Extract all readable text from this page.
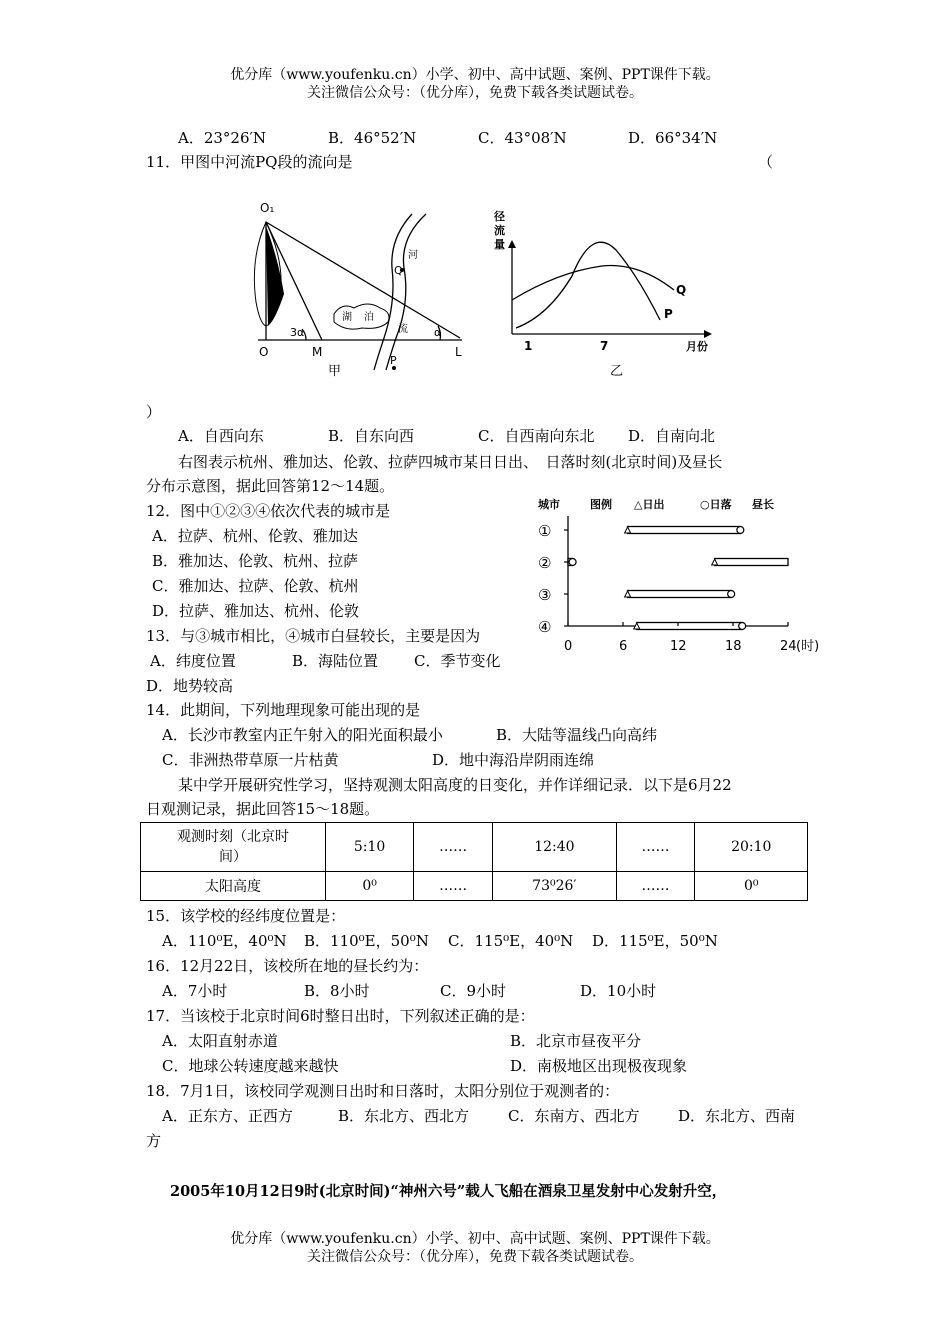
优分库（www.youfenku.cn）小学、初中、高中试题、案例、PPT课件下载。
关注微信公众号：（优分库），免费下载各类试题试卷。
A．23°26′N	B．46°52′N	C．43°08′N	D．66°34′N
11．甲图中河流PQ段的流向是	（
O₁
O	M	L
P
Q
3α	α
湖 泊
河
流
甲
径
流
量
1	7	月份
Q
P
乙
）
A．自西向东	B．自东向西	C．自西南向东北 D．自南向北
右图表示杭州、雅加达、伦敦、拉萨四城市某日日出、　日落时刻(北京时间)及昼长
分布示意图，据此回答第12～14题。
12．图中①②③④依次代表的城市是
A．拉萨、杭州、伦敦、雅加达
B．雅加达、伦敦、杭州、拉萨
C．雅加达、拉萨、伦敦、杭州
D．拉萨、雅加达、杭州、伦敦
13．与③城市相比，④城市白昼较长，主要是因为
A．纬度位置	B．海陆位置 C．季节变化
D．地势较高
城市	图例 △日出	○日落 昼长
①
②
③
④
0	6	12	18	24 (时)
14．此期间，下列地理现象可能出现的是
A．长沙市教室内正午射入的阳光面积最小	B．大陆等温线凸向高纬
C．非洲热带草原一片枯黄	D．地中海沿岸阴雨连绵
某中学开展研究性学习，坚持观测太阳高度的日变化，并作详细记录．以下是6月22
日观测记录，据此回答15～18题。
观测时刻（北京时
间）	5:10	……	12:40	……	20:10
太阳高度	0⁰	……	73⁰26′	……	0⁰
15．该学校的经纬度位置是：
A．110⁰E，40⁰N B．110⁰E，50⁰N C．115⁰E，40⁰N D．115⁰E，50⁰N
16．12月22日，该校所在地的昼长约为：
A．7小时	B．8小时	C．9小时	D．10小时
17．当该校于北京时间6时整日出时，下列叙述正确的是：
A．太阳直射赤道	B．北京市昼夜平分
C．地球公转速度越来越快	D．南极地区出现极夜现象
18．7月1日，该校同学观测日出时和日落时，太阳分别位于观测者的：
A．正东方、正西方	B．东北方、西北方	C．东南方、西北方	D．东北方、西南
方
2005年10月12日9时(北京时间)“神州六号”载人飞船在酒泉卫星发射中心发射升空，
优分库（www.youfenku.cn）小学、初中、高中试题、案例、PPT课件下载。
关注微信公众号：（优分库），免费下载各类试题试卷。
